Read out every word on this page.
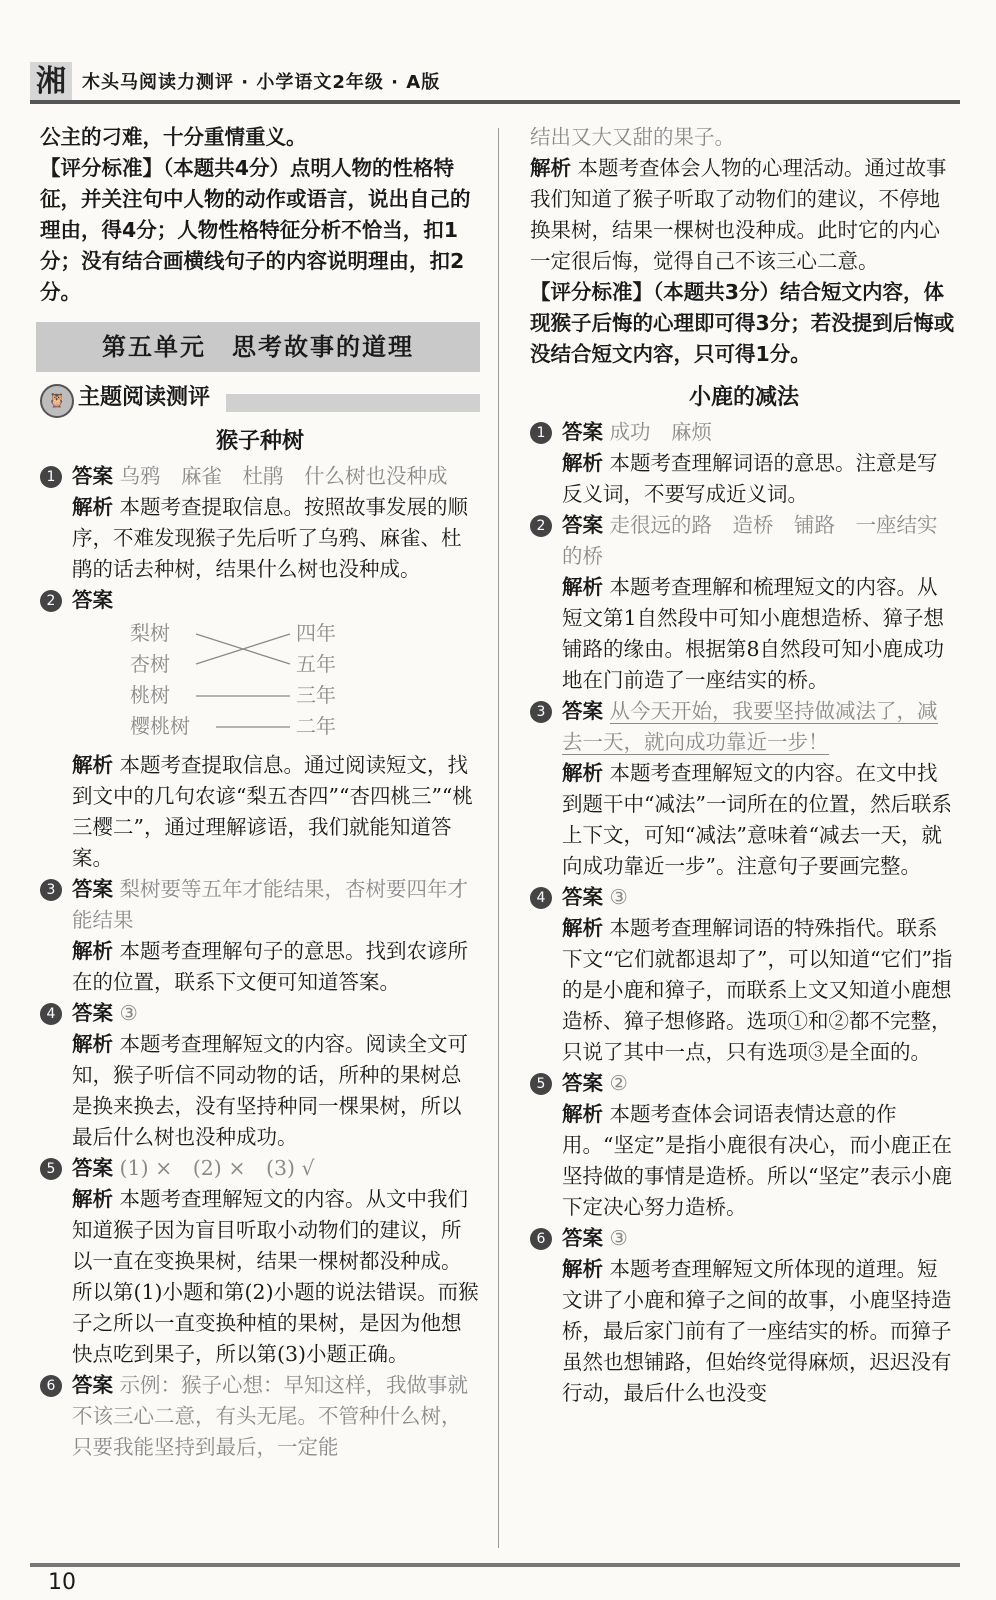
湘 木头马阅读力测评 · 小学语文2年级 · A版

公主的刁难，十分重情重义。

【评分标准】（本题共4分）点明人物的性格特征，并关注句中人物的动作或语言，说出自己的理由，得4分；人物性格特征分析不恰当，扣1分；没有结合画横线句子的内容说明理由，扣2分。

第五单元　思考故事的道理
🦉 主题阅读测评
猴子种树
1 答案 乌鸦　麻雀　杜鹃　什么树也没种成

解析 本题考查提取信息。按照故事发展的顺序，不难发现猴子先后听了乌鸦、麻雀、杜鹃的话去种树，结果什么树也没种成。

2 答案

梨树
杏树
桃树
樱桃树
四年
五年
三年
二年

解析 本题考查提取信息。通过阅读短文，找到文中的几句农谚“梨五杏四”“杏四桃三”“桃三樱二”，通过理解谚语，我们就能知道答案。

3 答案 梨树要等五年才能结果，杏树要四年才能结果

解析 本题考查理解句子的意思。找到农谚所在的位置，联系下文便可知道答案。

4 答案 ③

解析 本题考查理解短文的内容。阅读全文可知，猴子听信不同动物的话，所种的果树总是换来换去，没有坚持种同一棵果树，所以最后什么树也没种成功。

5 答案 (1) ×　(2) ×　(3) √

解析 本题考查理解短文的内容。从文中我们知道猴子因为盲目听取小动物们的建议，所以一直在变换果树，结果一棵树都没种成。所以第(1)小题和第(2)小题的说法错误。而猴子之所以一直变换种植的果树，是因为他想快点吃到果子，所以第(3)小题正确。

6 答案 示例：猴子心想：早知这样，我做事就不该三心二意，有头无尾。不管种什么树，只要我能坚持到最后，一定能

结出又大又甜的果子。

解析 本题考查体会人物的心理活动。通过故事我们知道了猴子听取了动物们的建议，不停地换果树，结果一棵树也没种成。此时它的内心一定很后悔，觉得自己不该三心二意。

【评分标准】（本题共3分）结合短文内容，体现猴子后悔的心理即可得3分；若没提到后悔或没结合短文内容，只可得1分。

小鹿的减法
1 答案 成功　麻烦

解析 本题考查理解词语的意思。注意是写反义词，不要写成近义词。

2 答案 走很远的路　造桥　铺路　一座结实的桥

解析 本题考查理解和梳理短文的内容。从短文第1自然段中可知小鹿想造桥、獐子想铺路的缘由。根据第8自然段可知小鹿成功地在门前造了一座结实的桥。

3 答案 从今天开始，我要坚持做减法了，减去一天，就向成功靠近一步！

解析 本题考查理解短文的内容。在文中找到题干中“减法”一词所在的位置，然后联系上下文，可知“减法”意味着“减去一天，就向成功靠近一步”。注意句子要画完整。

4 答案 ③

解析 本题考查理解词语的特殊指代。联系下文“它们就都退却了”，可以知道“它们”指的是小鹿和獐子，而联系上文又知道小鹿想造桥、獐子想修路。选项①和②都不完整，只说了其中一点，只有选项③是全面的。

5 答案 ②

解析 本题考查体会词语表情达意的作用。“坚定”是指小鹿很有决心，而小鹿正在坚持做的事情是造桥。所以“坚定”表示小鹿下定决心努力造桥。

6 答案 ③

解析 本题考查理解短文所体现的道理。短文讲了小鹿和獐子之间的故事，小鹿坚持造桥，最后家门前有了一座结实的桥。而獐子虽然也想铺路，但始终觉得麻烦，迟迟没有行动，最后什么也没变

10
